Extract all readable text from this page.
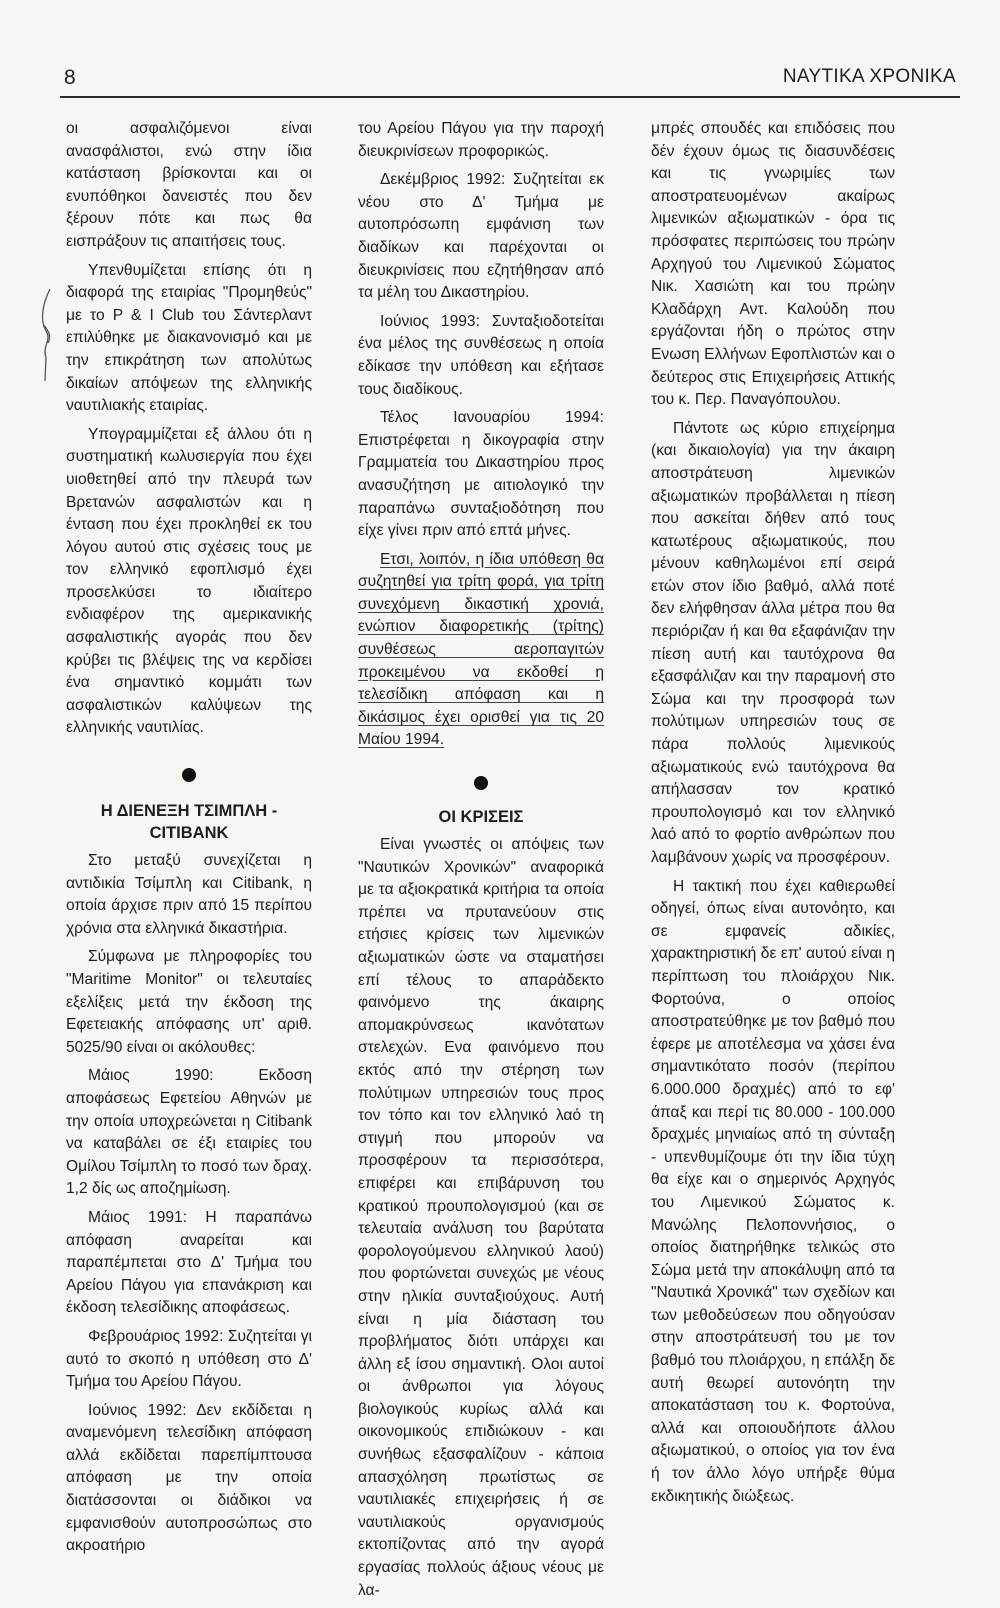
8	ΝΑΥΤΙΚΑ ΧΡΟΝΙΚΑ

οι ασφαλιζόμενοι είναι ανασφάλιστοι, ενώ στην ίδια κατάσταση βρίσκονται και οι ενυπόθηκοι δανειστές που δεν ξέρουν πότε και πως θα εισπράξουν τις απαιτήσεις τους.

Υπενθυμίζεται επίσης ότι η διαφορά της εταιρίας "Προμηθεύς" με το P & I Club του Σάντερλαντ επιλύθηκε με διακανονισμό και με την επικράτηση των απολύτως δικαίων απόψεων της ελληνικής ναυτιλιακής εταιρίας.

Υπογραμμίζεται εξ άλλου ότι η συστηματική κωλυσιεργία που έχει υιοθετηθεί από την πλευρά των Βρετανών ασφαλιστών και η ένταση που έχει προκληθεί εκ του λόγου αυτού στις σχέσεις τους με τον ελληνικό εφοπλισμό έχει προσελκύσει το ιδιαίτερο ενδιαφέρον της αμερικανικής ασφαλιστικής αγοράς που δεν κρύβει τις βλέψεις της να κερδίσει ένα σημαντικό κομμάτι των ασφαλιστικών καλύψεων της ελληνικής ναυτιλίας.

Η ΔΙΕΝΕΞΗ ΤΣΙΜΠΛΗ - CITIBANK

Στο μεταξύ συνεχίζεται η αντιδικία Τσίμπλη και Citibank, η οποία άρχισε πριν από 15 περίπου χρόνια στα ελληνικά δικαστήρια.

Σύμφωνα με πληροφορίες του "Maritime Monitor" οι τελευταίες εξελίξεις μετά την έκδοση της Εφετειακής απόφασης υπ' αριθ. 5025/90 είναι οι ακόλουθες:

Μάιος 1990: Εκδοση αποφάσεως Εφετείου Αθηνών με την οποία υποχρεώνεται η Citibank να καταβάλει σε έξι εταιρίες του Ομίλου Τσίμπλη το ποσό των δραχ. 1,2 δίς ως αποζημίωση.

Μάιος 1991: Η παραπάνω απόφαση αναρείται και παραπέμπεται στο Δ' Τμήμα του Αρείου Πάγου για επανάκριση και έκδοση τελεσίδικης αποφάσεως.

Φεβρουάριος 1992: Συζητείται γι αυτό το σκοπό η υπόθεση στο Δ' Τμήμα του Αρείου Πάγου.

Ιούνιος 1992: Δεν εκδίδεται η αναμενόμενη τελεσίδικη απόφαση αλλά εκδίδεται παρεπίμπτουσα απόφαση με την οποία διατάσσονται οι διάδικοι να εμφανισθούν αυτοπροσώπως στο ακροατήριο

του Αρείου Πάγου για την παροχή διευκρινίσεων προφορικώς.

Δεκέμβριος 1992: Συζητείται εκ νέου στο Δ' Τμήμα με αυτοπρόσωπη εμφάνιση των διαδίκων και παρέχονται οι διευκρινίσεις που εζητήθησαν από τα μέλη του Δικαστηρίου.

Ιούνιος 1993: Συνταξιοδοτείται ένα μέλος της συνθέσεως η οποία εδίκασε την υπόθεση και εξήτασε τους διαδίκους.

Τέλος Ιανουαρίου 1994: Επιστρέφεται η δικογραφία στην Γραμματεία του Δικαστηρίου προς ανασυζήτηση με αιτιολογικό την παραπάνω συνταξιοδότηση που είχε γίνει πριν από επτά μήνες.

Ετσι, λοιπόν, η ίδια υπόθεση θα συζητηθεί για τρίτη φορά, για τρίτη συνεχόμενη δικαστική χρονιά, ενώπιον διαφορετικής (τρίτης) συνθέσεως αεροπαγιτών προκειμένου να εκδοθεί η τελεσίδικη απόφαση και η δικάσιμος έχει ορισθεί για τις 20 Μαίου 1994.

ΟΙ ΚΡΙΣΕΙΣ

Είναι γνωστές οι απόψεις των "Ναυτικών Χρονικών" αναφορικά με τα αξιοκρατικά κριτήρια τα οποία πρέπει να πρυτανεύουν στις ετήσιες κρίσεις των λιμενικών αξιωματικών ώστε να σταματήσει επί τέλους το απαράδεκτο φαινόμενο της άκαιρης απομακρύνσεως ικανότατων στελεχών. Ενα φαινόμενο που εκτός από την στέρηση των πολύτιμων υπηρεσιών τους προς τον τόπο και τον ελληνικό λαό τη στιγμή που μπορούν να προσφέρουν τα περισσότερα, επιφέρει και επιβάρυνση του κρατικού προυπολογισμού (και σε τελευταία ανάλυση του βαρύτατα φορολογούμενου ελληνικού λαού) που φορτώνεται συνεχώς με νέους στην ηλικία συνταξιούχους. Αυτή είναι η μία διάσταση του προβλήματος διότι υπάρχει και άλλη εξ ίσου σημαντική. Ολοι αυτοί οι άνθρωποι για λόγους βιολογικούς κυρίως αλλά και οικονομικούς επιδιώκουν - και συνήθως εξασφαλίζουν - κάποια απασχόληση πρωτίστως σε ναυτιλιακές επιχειρήσεις ή σε ναυτιλιακούς οργανισμούς εκτοπίζοντας από την αγορά εργασίας πολλούς άξιους νέους με λα-

μπρές σπουδές και επιδόσεις που δέν έχουν όμως τις διασυνδέσεις και τις γνωριμίες των αποστρατευομένων ακαίρως λιμενικών αξιωματικών - όρα τις πρόσφατες περιπώσεις του πρώην Αρχηγού του Λιμενικού Σώματος Νικ. Χασιώτη και του πρώην Κλαδάρχη Αντ. Καλούδη που εργάζονται ήδη ο πρώτος στην Ενωση Ελλήνων Εφοπλιστών και ο δεύτερος στις Επιχειρήσεις Αττικής του κ. Περ. Παναγόπουλου.

Πάντοτε ως κύριο επιχείρημα (και δικαιολογία) για την άκαιρη αποστράτευση λιμενικών αξιωματικών προβάλλεται η πίεση που ασκείται δήθεν από τους κατωτέρους αξιωματικούς, που μένουν καθηλωμένοι επί σειρά ετών στον ίδιο βαθμό, αλλά ποτέ δεν ελήφθησαν άλλα μέτρα που θα περιόριζαν ή και θα εξαφάνιζαν την πίεση αυτή και ταυτόχρονα θα εξασφάλιζαν και την παραμονή στο Σώμα και την προσφορά των πολύτιμων υπηρεσιών τους σε πάρα πολλούς λιμενικούς αξιωματικούς ενώ ταυτόχρονα θα απήλασσαν τον κρατικό προυπολογισμό και τον ελληνικό λαό από το φορτίο ανθρώπων που λαμβάνουν χωρίς να προσφέρουν.

Η τακτική που έχει καθιερωθεί οδηγεί, όπως είναι αυτονόητο, και σε εμφανείς αδικίες, χαρακτηριστική δε επ' αυτού είναι η περίπτωση του πλοιάρχου Νικ. Φορτούνα, ο οποίος αποστρατεύθηκε με τον βαθμό που έφερε με αποτέλεσμα να χάσει ένα σημαντικότατο ποσόν (περίπου 6.000.000 δραχμές) από το εφ' άπαξ και περί τις 80.000 - 100.000 δραχμές μηνιαίως από τη σύνταξη - υπενθυμίζουμε ότι την ίδια τύχη θα είχε και ο σημερινός Αρχηγός του Λιμενικού Σώματος κ. Μανώλης Πελοποννήσιος, ο οποίος διατηρήθηκε τελικώς στο Σώμα μετά την αποκάλυψη από τα "Ναυτικά Χρονικά" των σχεδίων και των μεθοδεύσεων που οδηγούσαν στην αποστράτευσή του με τον βαθμό του πλοιάρχου, η επάλξη δε αυτή θεωρεί αυτονόητη την αποκατάσταση του κ. Φορτούνα, αλλά και οποιουδήποτε άλλου αξιωματικού, ο οποίος για τον ένα ή τον άλλο λόγο υπήρξε θύμα εκδικητικής διώξεως.
